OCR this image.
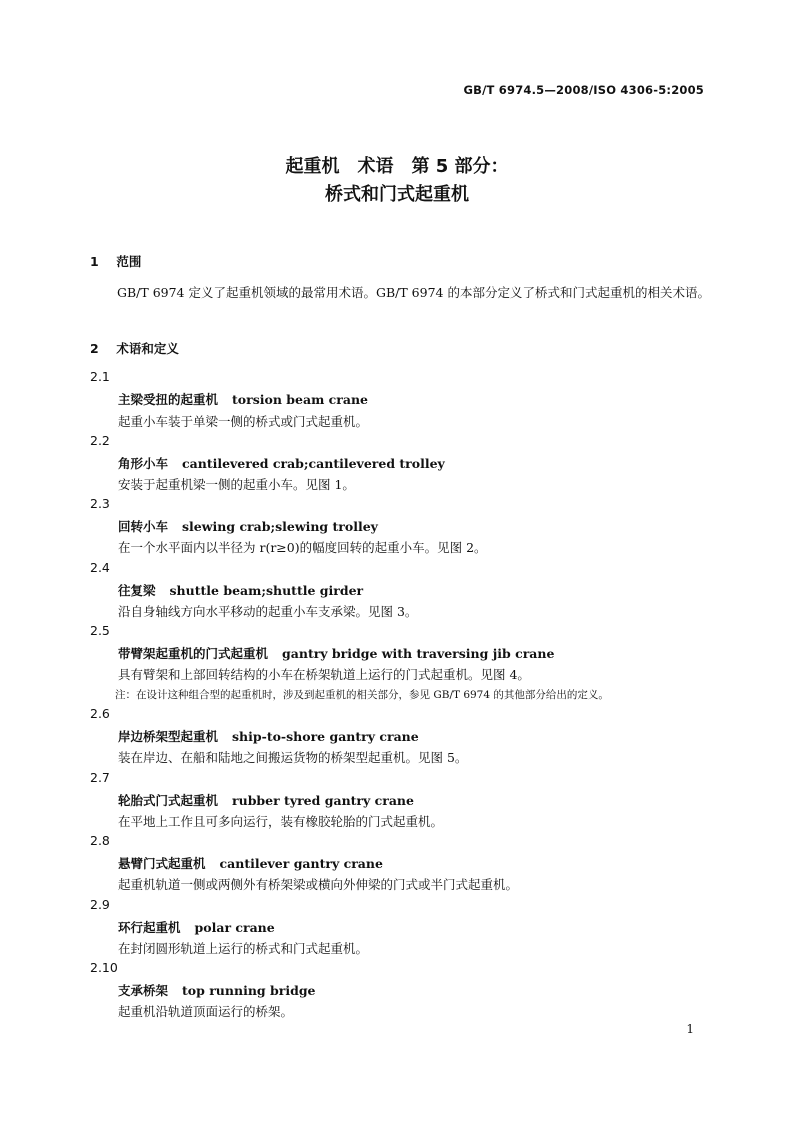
GB/T 6974.5—2008/ISO 4306-5:2005
起重机　术语　第 5 部分：
桥式和门式起重机
1 范围
GB/T 6974 定义了起重机领域的最常用术语。GB/T 6974 的本部分定义了桥式和门式起重机的相关术语。
2 术语和定义
2.1
主梁受扭的起重机 torsion beam crane
起重小车装于单梁一侧的桥式或门式起重机。
2.2
角形小车 cantilevered crab;cantilevered trolley
安装于起重机梁一侧的起重小车。见图 1。
2.3
回转小车 slewing crab;slewing trolley
在一个水平面内以半径为 r(r≥0)的幅度回转的起重小车。见图 2。
2.4
往复梁 shuttle beam;shuttle girder
沿自身轴线方向水平移动的起重小车支承梁。见图 3。
2.5
带臂架起重机的门式起重机 gantry bridge with traversing jib crane
具有臂架和上部回转结构的小车在桥架轨道上运行的门式起重机。见图 4。
注：在设计这种组合型的起重机时，涉及到起重机的相关部分，参见 GB/T 6974 的其他部分给出的定义。
2.6
岸边桥架型起重机 ship-to-shore gantry crane
装在岸边、在船和陆地之间搬运货物的桥架型起重机。见图 5。
2.7
轮胎式门式起重机 rubber tyred gantry crane
在平地上工作且可多向运行，装有橡胶轮胎的门式起重机。
2.8
悬臂门式起重机 cantilever gantry crane
起重机轨道一侧或两侧外有桥架梁或横向外伸梁的门式或半门式起重机。
2.9
环行起重机 polar crane
在封闭圆形轨道上运行的桥式和门式起重机。
2.10
支承桥架 top running bridge
起重机沿轨道顶面运行的桥架。
1
